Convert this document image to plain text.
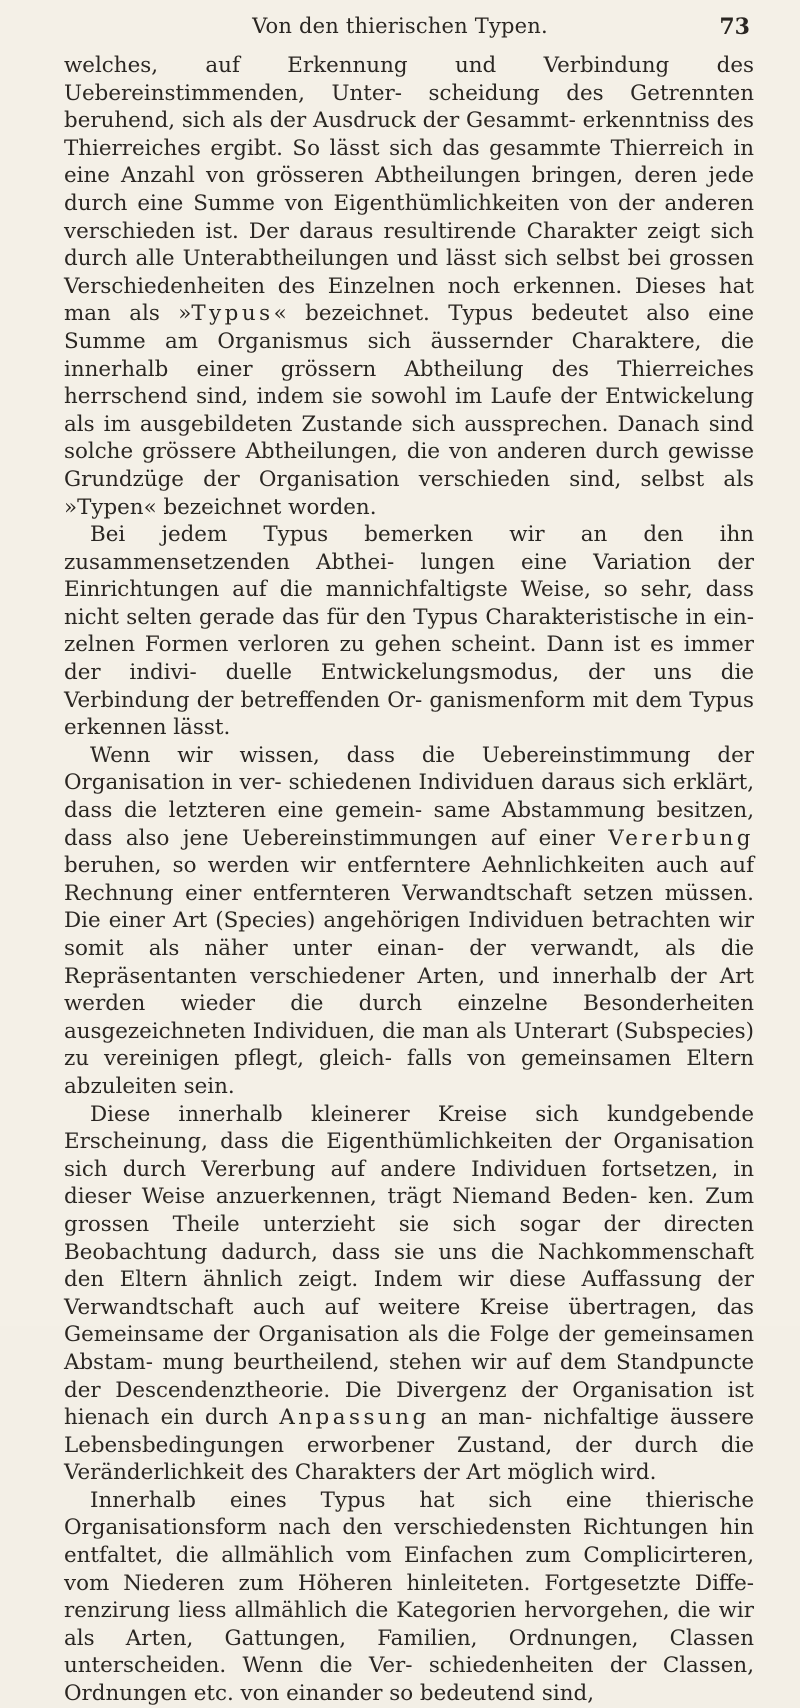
Von den thierischen Typen.	73

welches, auf Erkennung und Verbindung des Uebereinstimmenden, Unter- scheidung des Getrennten beruhend, sich als der Ausdruck der Gesammt- erkenntniss des Thierreiches ergibt. So lässt sich das gesammte Thierreich in eine Anzahl von grösseren Abtheilungen bringen, deren jede durch eine Summe von Eigenthümlichkeiten von der anderen verschieden ist. Der daraus resultirende Charakter zeigt sich durch alle Unterabtheilungen und lässt sich selbst bei grossen Verschiedenheiten des Einzelnen noch erkennen. Dieses hat man als »Typus« bezeichnet. Typus bedeutet also eine Summe am Organismus sich äussernder Charaktere, die innerhalb einer grössern Abtheilung des Thierreiches herrschend sind, indem sie sowohl im Laufe der Entwickelung als im ausgebildeten Zustande sich aussprechen. Danach sind solche grössere Abtheilungen, die von anderen durch gewisse Grundzüge der Organisation verschieden sind, selbst als »Typen« bezeichnet worden.

Bei jedem Typus bemerken wir an den ihn zusammensetzenden Abthei- lungen eine Variation der Einrichtungen auf die mannichfaltigste Weise, so sehr, dass nicht selten gerade das für den Typus Charakteristische in ein- zelnen Formen verloren zu gehen scheint. Dann ist es immer der indivi- duelle Entwickelungsmodus, der uns die Verbindung der betreffenden Or- ganismenform mit dem Typus erkennen lässt.

Wenn wir wissen, dass die Uebereinstimmung der Organisation in ver- schiedenen Individuen daraus sich erklärt, dass die letzteren eine gemein- same Abstammung besitzen, dass also jene Uebereinstimmungen auf einer Vererbung beruhen, so werden wir entferntere Aehnlichkeiten auch auf Rechnung einer entfernteren Verwandtschaft setzen müssen. Die einer Art (Species) angehörigen Individuen betrachten wir somit als näher unter einan- der verwandt, als die Repräsentanten verschiedener Arten, und innerhalb der Art werden wieder die durch einzelne Besonderheiten ausgezeichneten Individuen, die man als Unterart (Subspecies) zu vereinigen pflegt, gleich- falls von gemeinsamen Eltern abzuleiten sein.

Diese innerhalb kleinerer Kreise sich kundgebende Erscheinung, dass die Eigenthümlichkeiten der Organisation sich durch Vererbung auf andere Individuen fortsetzen, in dieser Weise anzuerkennen, trägt Niemand Beden- ken. Zum grossen Theile unterzieht sie sich sogar der directen Beobachtung dadurch, dass sie uns die Nachkommenschaft den Eltern ähnlich zeigt. Indem wir diese Auffassung der Verwandtschaft auch auf weitere Kreise übertragen, das Gemeinsame der Organisation als die Folge der gemeinsamen Abstam- mung beurtheilend, stehen wir auf dem Standpuncte der Descendenztheorie. Die Divergenz der Organisation ist hienach ein durch Anpassung an man- nichfaltige äussere Lebensbedingungen erworbener Zustand, der durch die Veränderlichkeit des Charakters der Art möglich wird.

Innerhalb eines Typus hat sich eine thierische Organisationsform nach den verschiedensten Richtungen hin entfaltet, die allmählich vom Einfachen zum Complicirteren, vom Niederen zum Höheren hinleiteten. Fortgesetzte Diffe- renzirung liess allmählich die Kategorien hervorgehen, die wir als Arten, Gattungen, Familien, Ordnungen, Classen unterscheiden. Wenn die Ver- schiedenheiten der Classen, Ordnungen etc. von einander so bedeutend sind,
